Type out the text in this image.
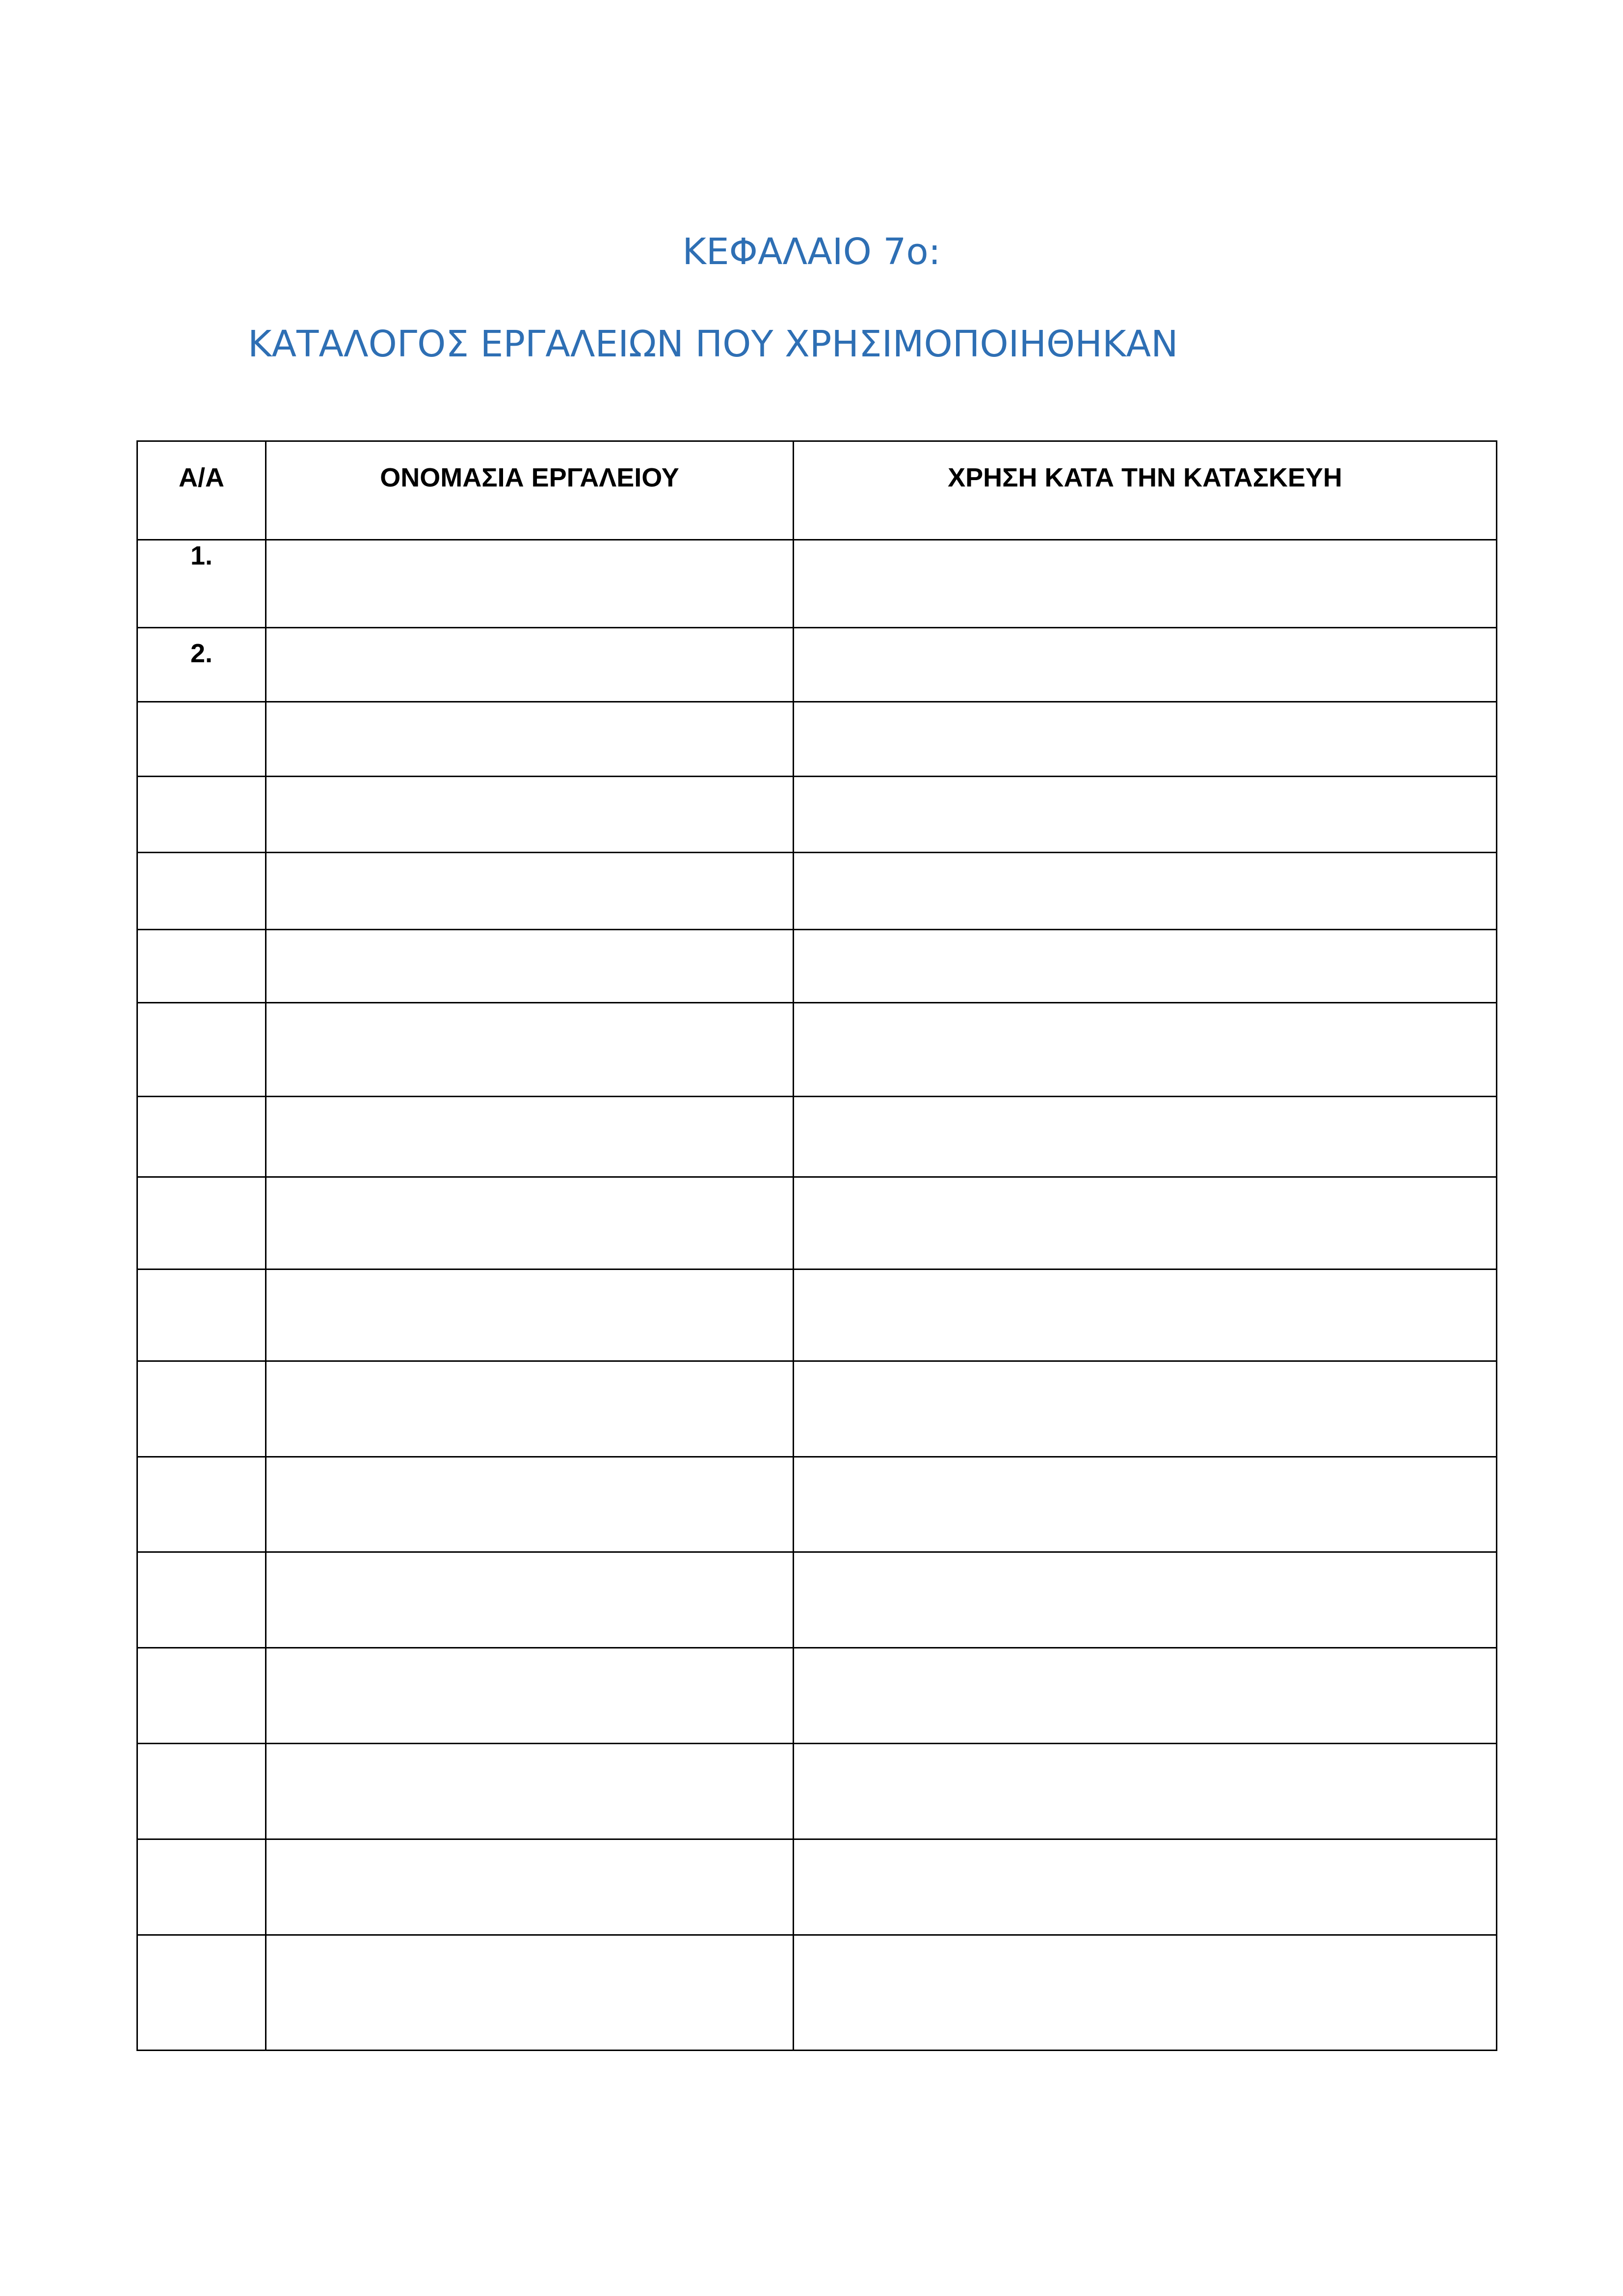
ΚΕΦΑΛΑΙΟ 7ο:
ΚΑΤΑΛΟΓΟΣ ΕΡΓΑΛΕΙΩΝ ΠΟΥ ΧΡΗΣΙΜΟΠΟΙΗΘΗΚΑΝ
Α/Α	ΟΝΟΜΑΣΙΑ ΕΡΓΑΛΕΙΟΥ	ΧΡΗΣΗ ΚΑΤΑ ΤΗΝ ΚΑΤΑΣΚΕΥΗ
1.		
2.		
